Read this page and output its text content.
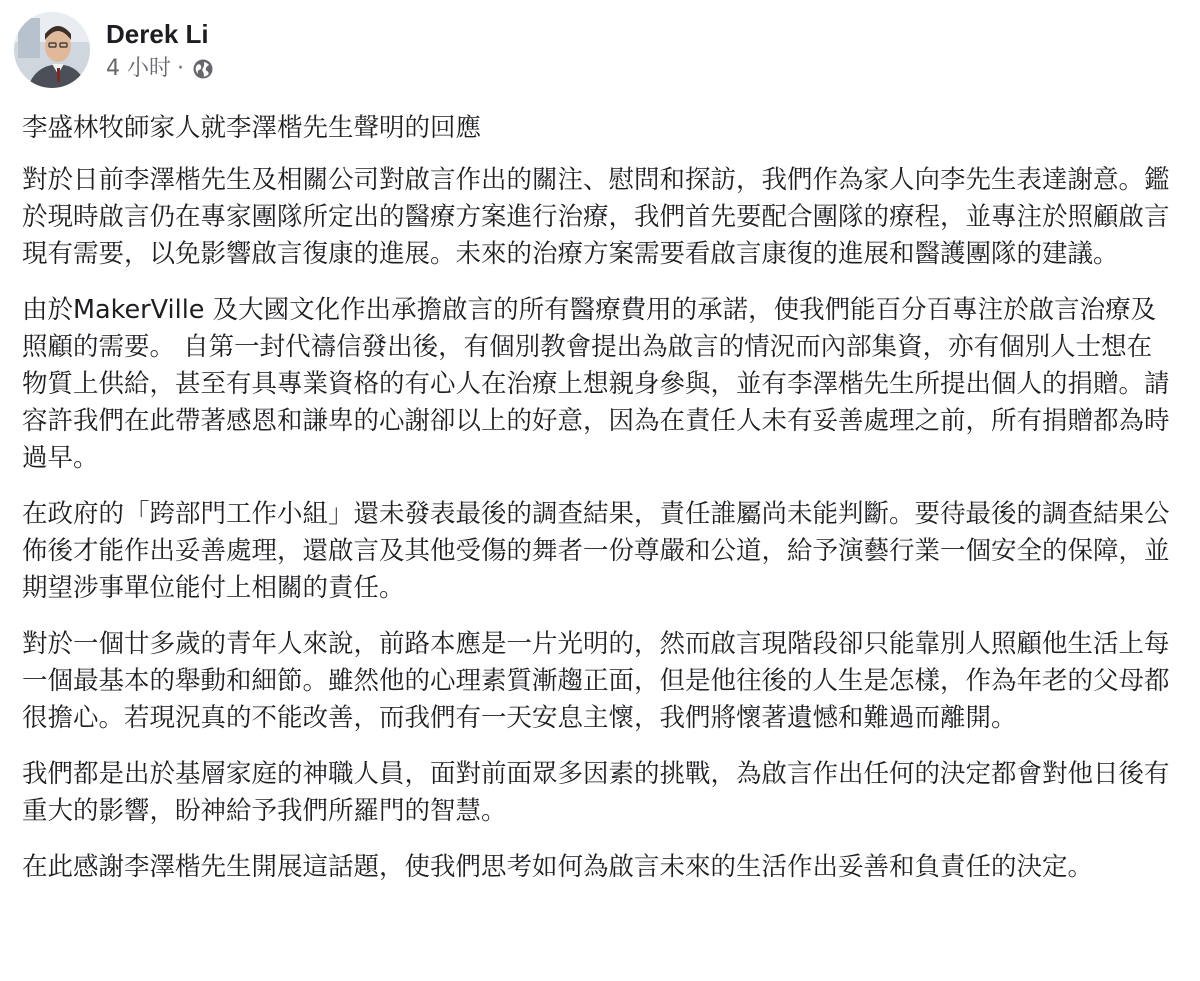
Derek Li
4 小时 ·

李盛林牧師家人就李澤楷先生聲明的回應

對於日前李澤楷先生及相關公司對啟言作出的關注、慰問和探訪，我們作為家人向李先生表達謝意。鑑於現時啟言仍在專家團隊所定出的醫療方案進行治療，我們首先要配合團隊的療程，並專注於照顧啟言現有需要，以免影響啟言復康的進展。未來的治療方案需要看啟言康復的進展和醫護團隊的建議。

由於MakerVille 及大國文化作出承擔啟言的所有醫療費用的承諾，使我們能百分百專注於啟言治療及照顧的需要。 自第一封代禱信發出後，有個別教會提出為啟言的情況而內部集資，亦有個別人士想在物質上供給，甚至有具專業資格的有心人在治療上想親身參與，並有李澤楷先生所提出個人的捐贈。請容許我們在此帶著感恩和謙卑的心謝卻以上的好意，因為在責任人未有妥善處理之前，所有捐贈都為時過早。

在政府的「跨部門工作小組」還未發表最後的調查結果，責任誰屬尚未能判斷。要待最後的調查結果公佈後才能作出妥善處理，還啟言及其他受傷的舞者一份尊嚴和公道，給予演藝行業一個安全的保障，並期望涉事單位能付上相關的責任。

對於一個廿多歲的青年人來說，前路本應是一片光明的，然而啟言現階段卻只能靠別人照顧他生活上每一個最基本的舉動和細節。雖然他的心理素質漸趨正面，但是他往後的人生是怎樣，作為年老的父母都很擔心。若現況真的不能改善，而我們有一天安息主懷，我們將懷著遺憾和難過而離開。

我們都是出於基層家庭的神職人員，面對前面眾多因素的挑戰，為啟言作出任何的決定都會對他日後有重大的影響，盼神給予我們所羅門的智慧。

在此感謝李澤楷先生開展這話題，使我們思考如何為啟言未來的生活作出妥善和負責任的決定。
